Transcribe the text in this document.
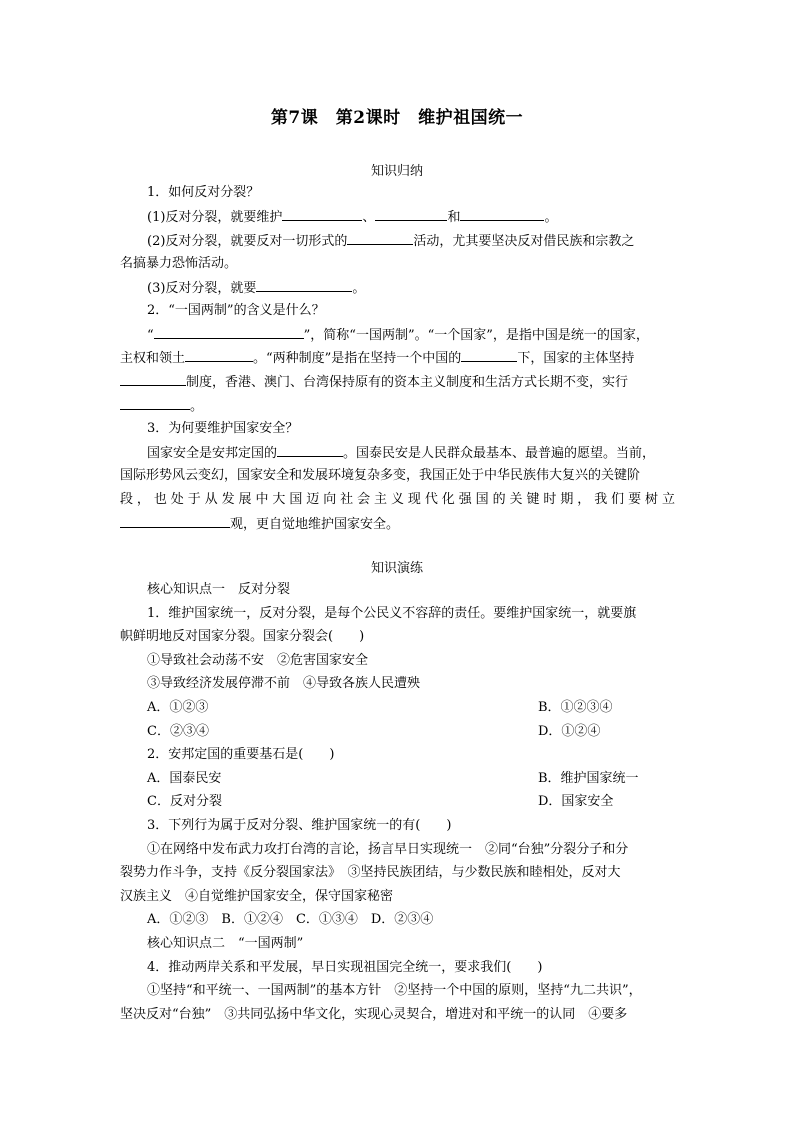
第7课　第2课时　维护祖国统一
知识归纳
1．如何反对分裂？
(1)反对分裂，就要维护	、	和	。
(2)反对分裂，就要反对一切形式的	活动，尤其要坚决反对借民族和宗教之
名搞暴力恐怖活动。
(3)反对分裂，就要	。
2．“一国两制”的含义是什么？
“	”，简称“一国两制”。“一个国家”，是指中国是统一的国家，
主权和领土	。“两种制度”是指在坚持一个中国的	下，国家的主体坚持
制度，香港、澳门、台湾保持原有的资本主义制度和生活方式长期不变，实行
。
3．为何要维护国家安全？
国家安全是安邦定国的	。国泰民安是人民群众最基本、最普遍的愿望。当前，
国际形势风云变幻，国家安全和发展环境复杂多变，我国正处于中华民族伟大复兴的关键阶
段，也处于从发展中大国迈向社会主义现代化强国的关键时期，我们要树立
观，更自觉地维护国家安全。
知识演练
核心知识点一　反对分裂
1．维护国家统一，反对分裂，是每个公民义不容辞的责任。要维护国家统一，就要旗
帜鲜明地反对国家分裂。国家分裂会(　　)
①导致社会动荡不安　②危害国家安全
③导致经济发展停滞不前　④导致各族人民遭殃
A．①②③	B．①②③④
C．②③④	D．①②④
2．安邦定国的重要基石是(　　)
A．国泰民安	B．维护国家统一
C．反对分裂	D．国家安全
3．下列行为属于反对分裂、维护国家统一的有(　　)
①在网络中发布武力攻打台湾的言论，扬言早日实现统一　②同“台独”分裂分子和分
裂势力作斗争，支持《反分裂国家法》　③坚持民族团结，与少数民族和睦相处，反对大
汉族主义　④自觉维护国家安全，保守国家秘密
A．①②③　B．①②④　C．①③④　D．②③④
核心知识点二　“一国两制”
4．推动两岸关系和平发展，早日实现祖国完全统一，要求我们(　　)
①坚持“和平统一、一国两制”的基本方针　②坚持一个中国的原则，坚持“九二共识”，
坚决反对“台独”　③共同弘扬中华文化，实现心灵契合，增进对和平统一的认同　④要多
